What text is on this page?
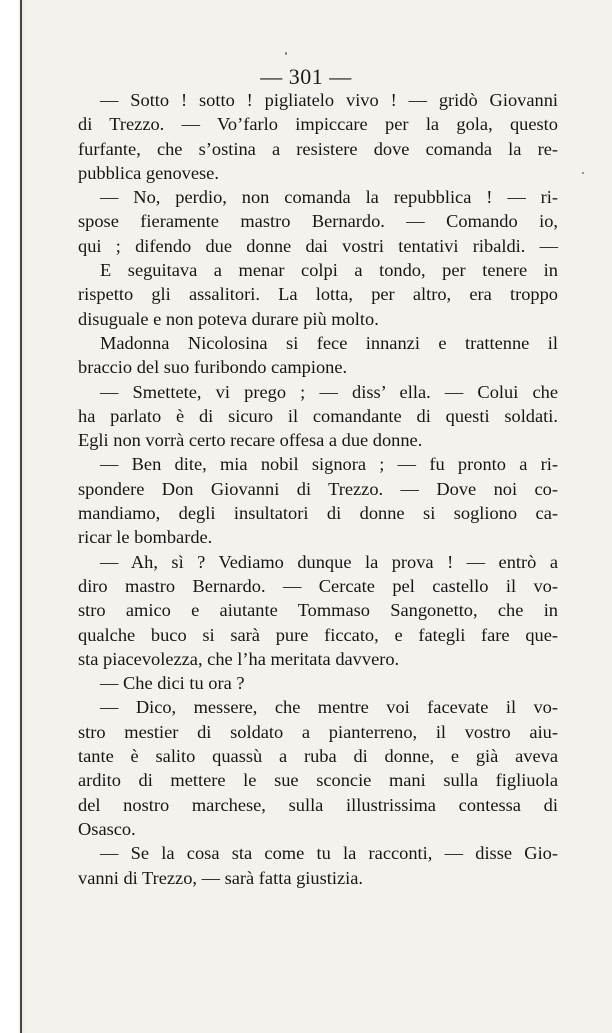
— 301 —
— Sotto ! sotto ! pigliatelo vivo ! — gridò Giovanni
di Trezzo. — Vo’farlo impiccare per la gola, questo
furfante, che s’ostina a resistere dove comanda la re-
pubblica genovese.
— No, perdio, non comanda la repubblica ! — ri-
spose fieramente mastro Bernardo. — Comando io,
qui ; difendo due donne dai vostri tentativi ribaldi. —
E seguitava a menar colpi a tondo, per tenere in
rispetto gli assalitori. La lotta, per altro, era troppo
disuguale e non poteva durare più molto.
Madonna Nicolosina si fece innanzi e trattenne il
braccio del suo furibondo campione.
— Smettete, vi prego ; — diss’ ella. — Colui che
ha parlato è di sicuro il comandante di questi soldati.
Egli non vorrà certo recare offesa a due donne.
— Ben dite, mia nobil signora ; — fu pronto a ri-
spondere Don Giovanni di Trezzo. — Dove noi co-
mandiamo, degli insultatori di donne si sogliono ca-
ricar le bombarde.
— Ah, sì ? Vediamo dunque la prova ! — entrò a
diro mastro Bernardo. — Cercate pel castello il vo-
stro amico e aiutante Tommaso Sangonetto, che in
qualche buco si sarà pure ficcato, e fategli fare que-
sta piacevolezza, che l’ha meritata davvero.
— Che dici tu ora ?
— Dico, messere, che mentre voi facevate il vo-
stro mestier di soldato a pianterreno, il vostro aiu-
tante è salito quassù a ruba di donne, e già aveva
ardito di mettere le sue sconcie mani sulla figliuola
del nostro marchese, sulla illustrissima contessa di
Osasco.
— Se la cosa sta come tu la racconti, — disse Gio-
vanni di Trezzo, — sarà fatta giustizia.
